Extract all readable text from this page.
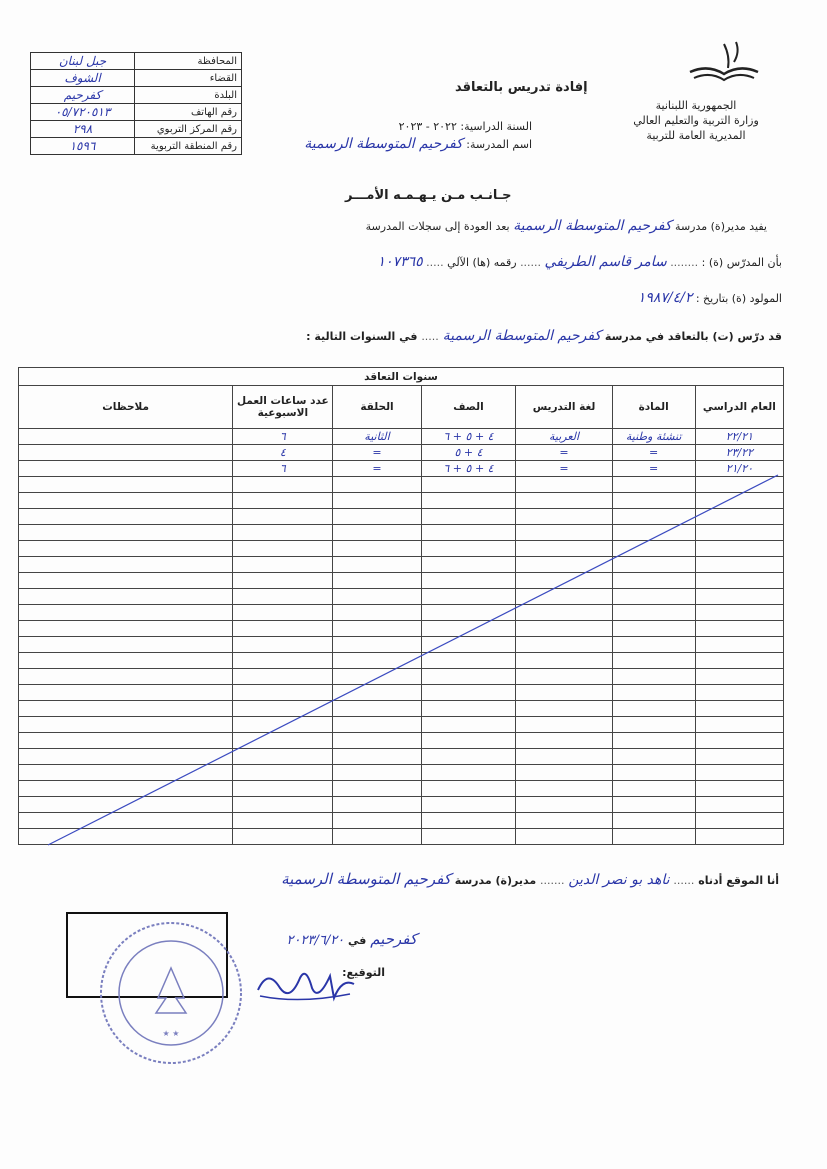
المحافظة	جبل لبنان
القضاء	الشوف
البلدة	كفرحيم
رقم الهاتف	٠٥/٧٢٠٥١٣
رقم المركز التربوي	٢٩٨
رقم المنطقة التربوية	١٥٩٦
الجمهورية اللبنانية
وزارة التربية والتعليم العالي
المديرية العامة للتربية
إفادة تدريس بالتعاقد
السنة الدراسية: ٢٠٢٢ - ٢٠٢٣
اسم المدرسة: كفرحيم المتوسطة الرسمية
جـانـب مـن يـهـمـه الأمـــر
يفيد مدير(ة) مدرسة كفرحيم المتوسطة الرسمية بعد العودة إلى سجلات المدرسة
بأن المدرّس (ة) : ........ سامر قاسم الطريفي ...... رقمه (ها) الآلي ..... ١٠٧٣٦٥
المولود (ة) بتاريخ : ١٩٨٧/٤/٢
قد درّس (ت) بالتعاقد في مدرسة كفرحيم المتوسطة الرسمية ..... في السنوات التالية :
سنوات التعاقد						
العام الدراسي	المادة	لغة التدريس	الصف	الحلقة	عدد ساعات العمل الاسبوعية	ملاحظات
٢٢/٢١	تنشئة وطنية	العربية	٤ + ٥ + ٦	الثانية	٦	
٢٣/٢٢	=	=	٤ + ٥	=	٤	
٢١/٢٠	=	=	٤ + ٥ + ٦	=	٦	

أنا الموقع أدناه ...... ناهد بو نصر الدين ....... مدير(ة) مدرسة كفرحيم المتوسطة الرسمية
كفرحيم في ٢٠٢٣/٦/٢٠
التوقيع:
★ ★
